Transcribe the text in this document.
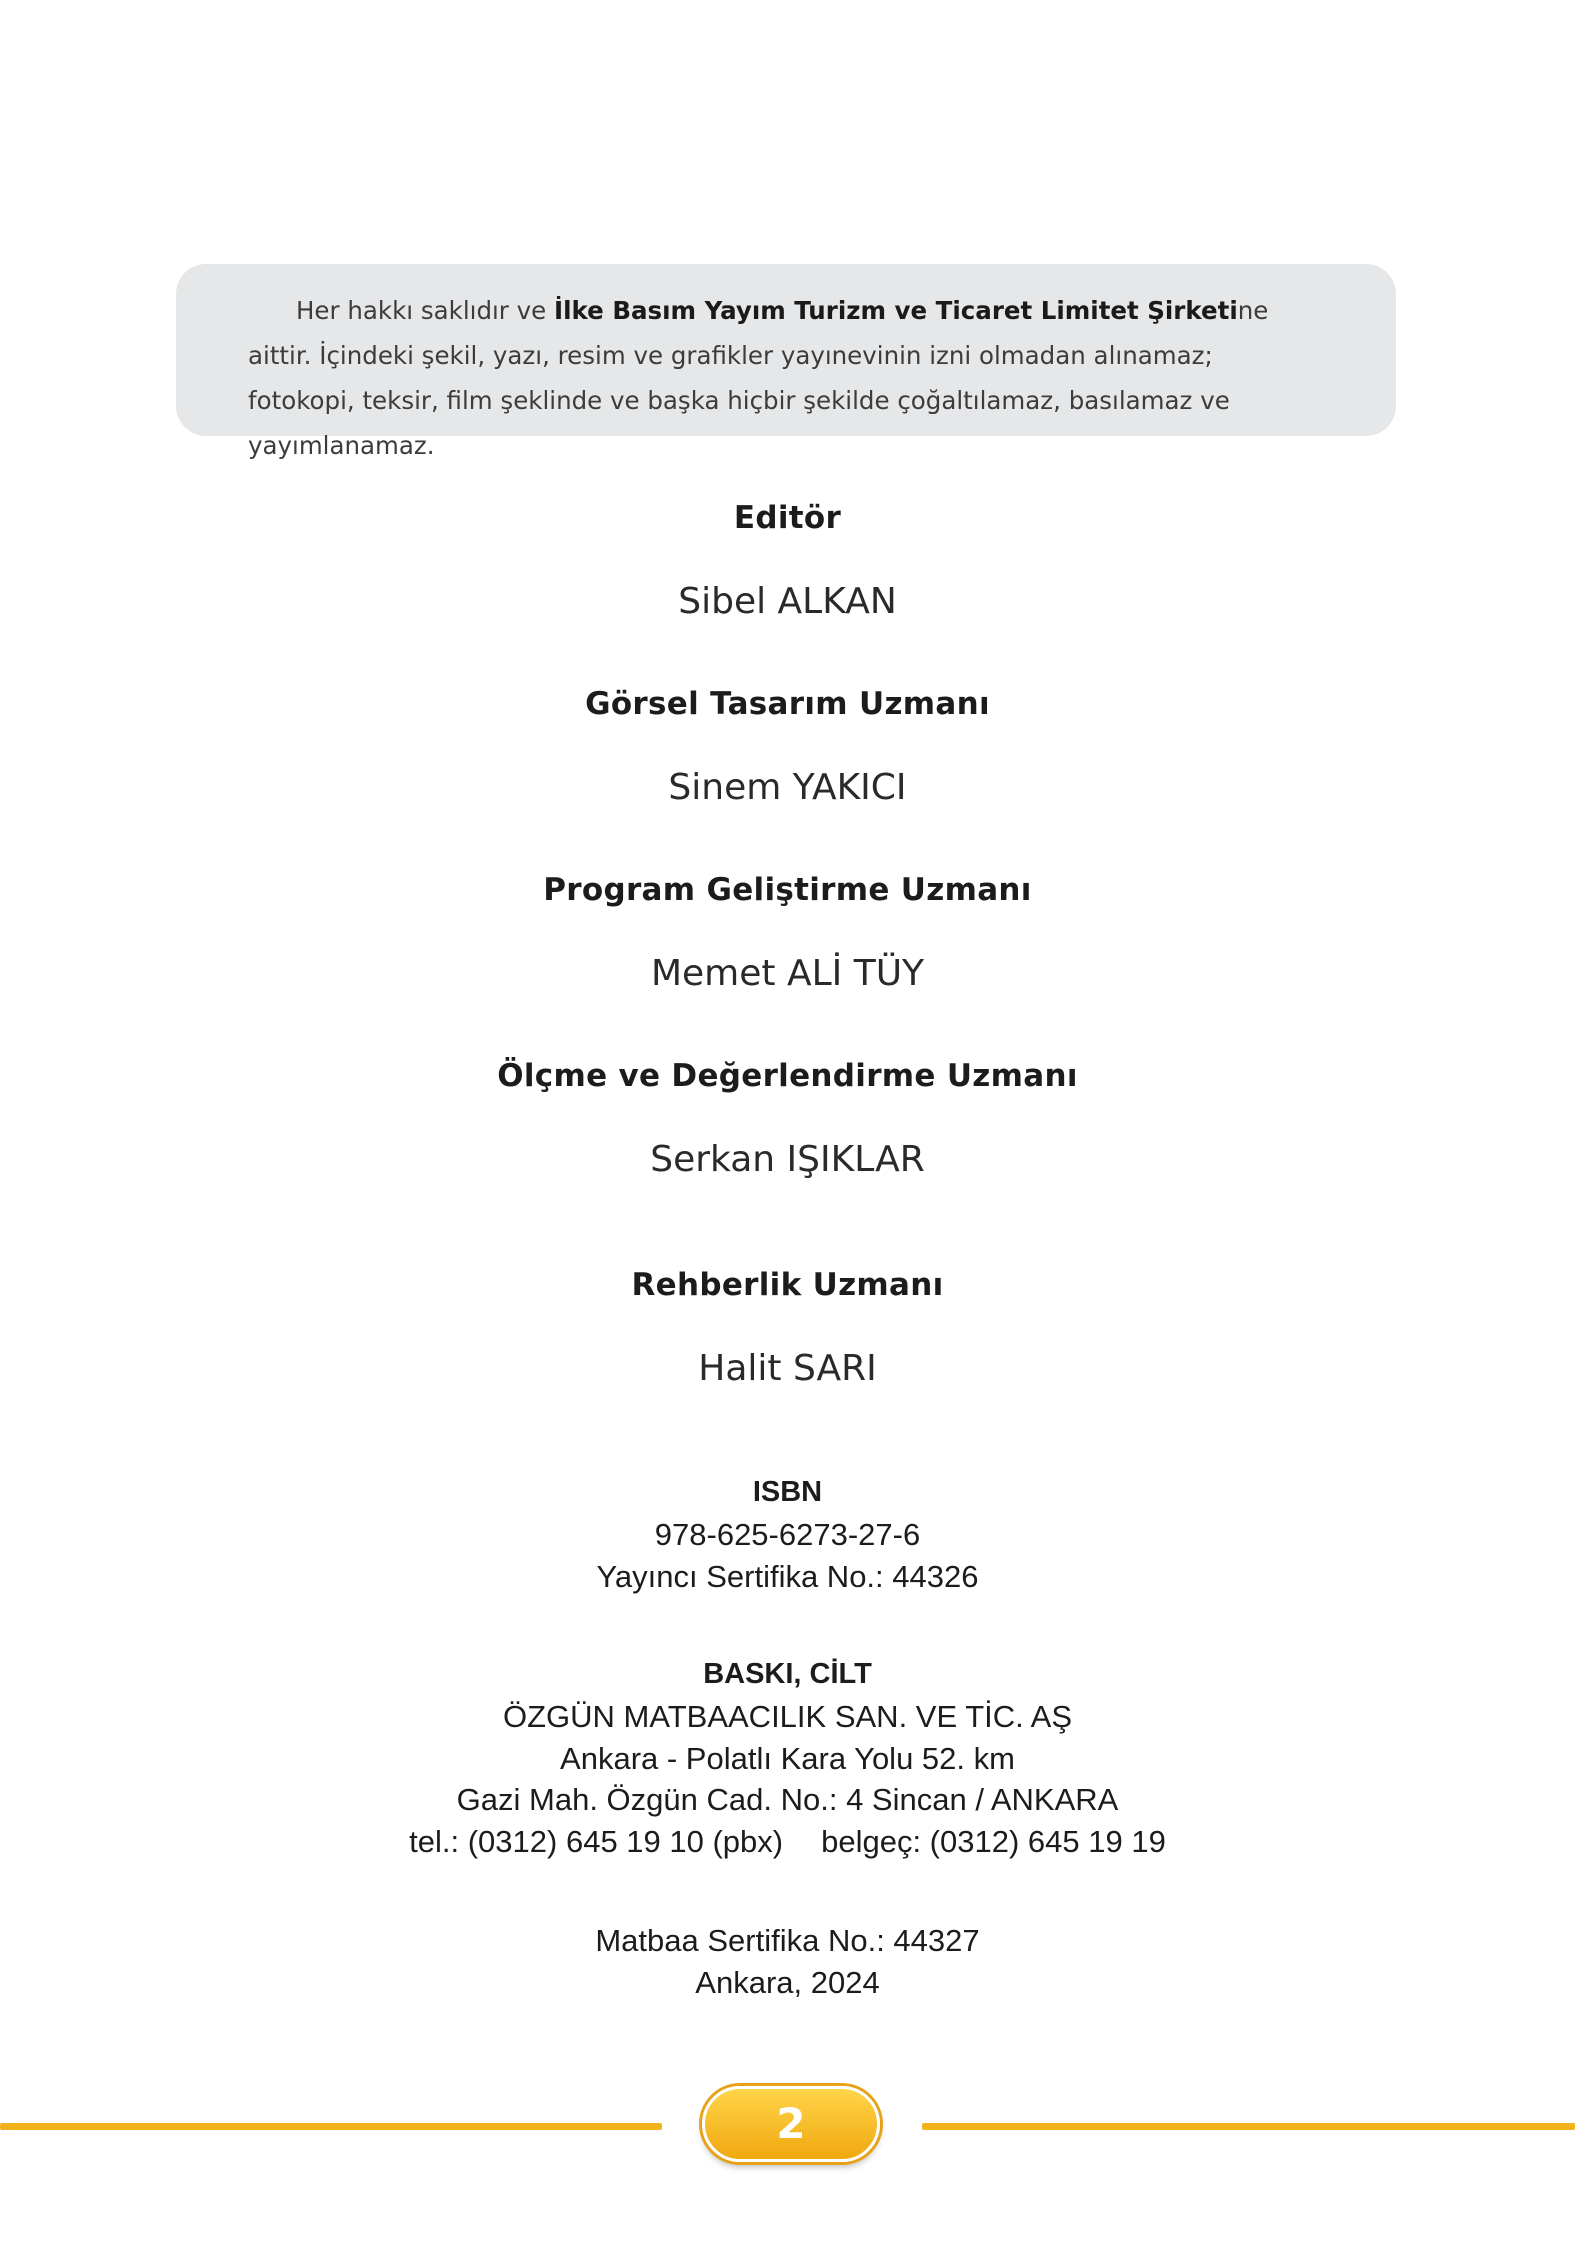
Her hakkı saklıdır ve İlke Basım Yayım Turizm ve Ticaret Limitet Şirketine aittir. İçindeki şekil, yazı, resim ve grafikler yayınevinin izni olmadan alınamaz; fotokopi, teksir, film şeklinde ve başka hiçbir şekilde çoğaltılamaz, basılamaz ve yayımlanamaz.

Editör
Sibel ALKAN
Görsel Tasarım Uzmanı
Sinem YAKICI
Program Geliştirme Uzmanı
Memet ALİ TÜY
Ölçme ve Değerlendirme Uzmanı
Serkan IŞIKLAR
Rehberlik Uzmanı
Halit SARI
ISBN
978-625-6273-27-6
Yayıncı Sertifika No.: 44326
BASKI, CİLT
ÖZGÜN MATBAACILIK SAN. VE TİC. AŞ
Ankara - Polatlı Kara Yolu 52. km
Gazi Mah. Özgün Cad. No.: 4 Sincan / ANKARA
tel.: (0312) 645 19 10 (pbx) belgeç: (0312) 645 19 19
Matbaa Sertifika No.: 44327
Ankara, 2024
2
